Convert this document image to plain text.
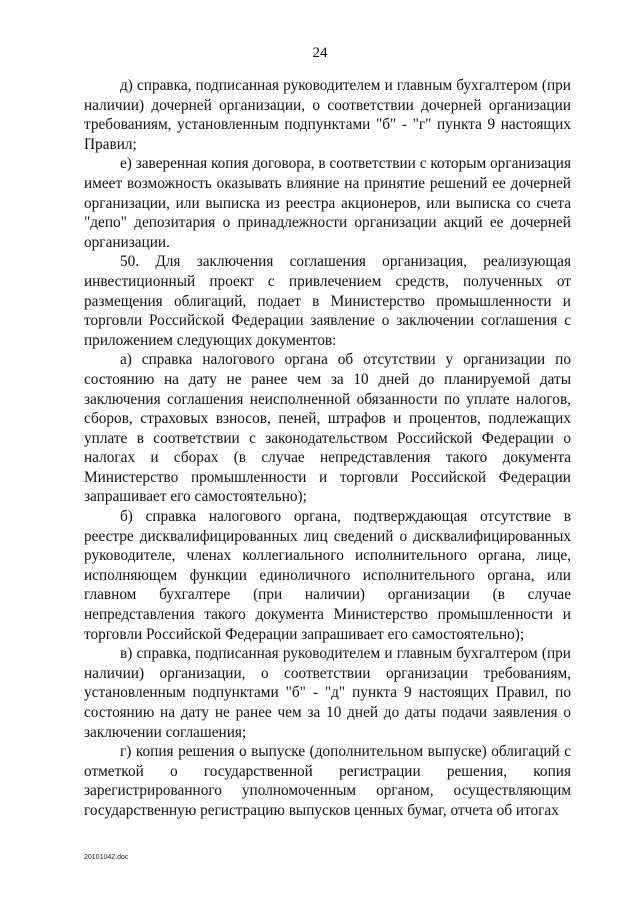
24

д) справка, подписанная руководителем и главным бухгалтером (при наличии) дочерней организации, о соответствии дочерней организации требованиям, установленным подпунктами "б" - "г" пункта 9 настоящих Правил;

е) заверенная копия договора, в соответствии с которым организация имеет возможность оказывать влияние на принятие решений ее дочерней организации, или выписка из реестра акционеров, или выписка со счета "депо" депозитария о принадлежности организации акций ее дочерней организации.

50. Для заключения соглашения организация, реализующая инвестиционный проект с привлечением средств, полученных от размещения облигаций, подает в Министерство промышленности и торговли Российской Федерации заявление о заключении соглашения с приложением следующих документов:

а) справка налогового органа об отсутствии у организации по состоянию на дату не ранее чем за 10 дней до планируемой даты заключения соглашения неисполненной обязанности по уплате налогов, сборов, страховых взносов, пеней, штрафов и процентов, подлежащих уплате в соответствии с законодательством Российской Федерации о налогах и сборах (в случае непредставления такого документа Министерство промышленности и торговли Российской Федерации запрашивает его самостоятельно);

б) справка налогового органа, подтверждающая отсутствие в реестре дисквалифицированных лиц сведений о дисквалифицированных руководителе, членах коллегиального исполнительного органа, лице, исполняющем функции единоличного исполнительного органа, или главном бухгалтере (при наличии) организации (в случае непредставления такого документа Министерство промышленности и торговли Российской Федерации запрашивает его самостоятельно);

в) справка, подписанная руководителем и главным бухгалтером (при наличии) организации, о соответствии организации требованиям, установленным подпунктами "б" - "д" пункта 9 настоящих Правил, по состоянию на дату не ранее чем за 10 дней до даты подачи заявления о заключении соглашения;

г) копия решения о выпуске (дополнительном выпуске) облигаций с отметкой о государственной регистрации решения, копия зарегистрированного уполномоченным органом, осуществляющим государственную регистрацию выпусков ценных бумаг, отчета об итогах

20101042.doc
